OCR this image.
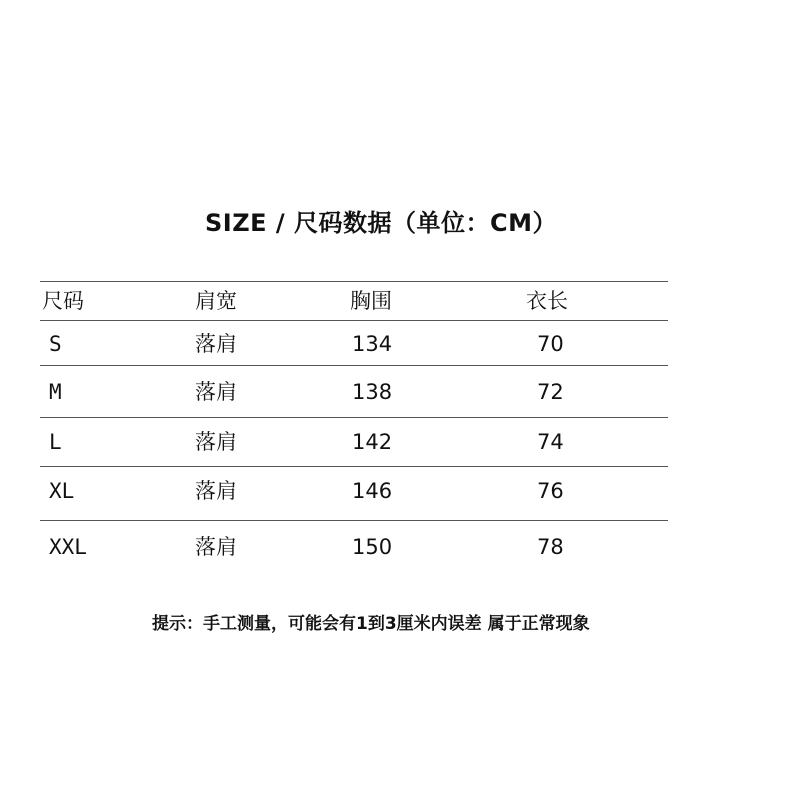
SIZE / 尺码数据（单位：CM）
尺码	肩宽	胸围	衣长
S	落肩	134	70
M	落肩	138	72
L	落肩	142	74
XL	落肩	146	76
XXL	落肩	150	78
提示：手工测量，可能会有1到3厘米内误差 属于正常现象
